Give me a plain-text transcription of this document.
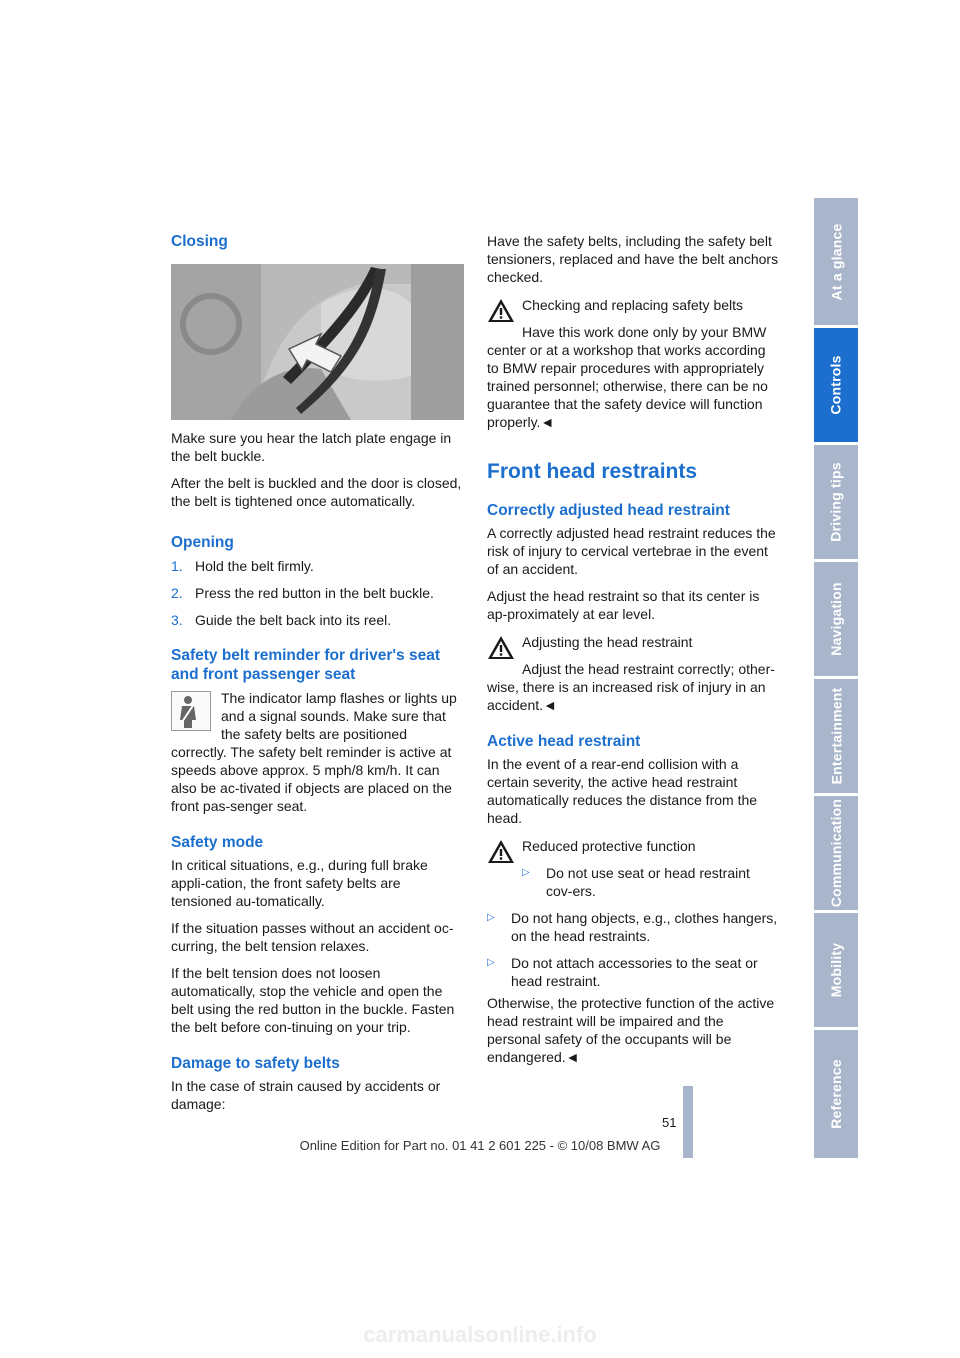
Closing

Make sure you hear the latch plate engage in the belt buckle.

After the belt is buckled and the door is closed, the belt is tightened once automatically.

Opening
1. Hold the belt firmly.
2. Press the red button in the belt buckle.
3. Guide the belt back into its reel.
Safety belt reminder for driver's seat and front passenger seat

The indicator lamp flashes or lights up and a signal sounds. Make sure that the safety belts are positioned correctly. The safety belt reminder is active at speeds above approx. 5 mph/8 km/h. It can also be ac-tivated if objects are placed on the front pas-senger seat.

Safety mode

In critical situations, e.g., during full brake appli-cation, the front safety belts are tensioned au-tomatically.

If the situation passes without an accident oc-curring, the belt tension relaxes.

If the belt tension does not loosen automatically, stop the vehicle and open the belt using the red button in the buckle. Fasten the belt before con-tinuing on your trip.

Damage to safety belts

In the case of strain caused by accidents or damage:

Have the safety belts, including the safety belt tensioners, replaced and have the belt anchors checked.

Checking and replacing safety belts

Have this work done only by your BMW center or at a workshop that works according to BMW repair procedures with appropriately trained personnel; otherwise, there can be no guarantee that the safety device will function properly.◄

Front head restraints
Correctly adjusted head restraint

A correctly adjusted head restraint reduces the risk of injury to cervical vertebrae in the event of an accident.

Adjust the head restraint so that its center is ap-proximately at ear level.

Adjusting the head restraint

Adjust the head restraint correctly; other-wise, there is an increased risk of injury in an accident.◄

Active head restraint

In the event of a rear-end collision with a certain severity, the active head restraint automatically reduces the distance from the head.

Reduced protective function

▷	Do not use seat or head restraint cov-ers.
▷	Do not hang objects, e.g., clothes hangers, on the head restraints.
▷	Do not attach accessories to the seat or head restraint.

Otherwise, the protective function of the active head restraint will be impaired and the personal safety of the occupants will be endangered.◄

At a glance
Controls
Driving tips
Navigation
Entertainment
Communication
Mobility
Reference
51
Online Edition for Part no. 01 41 2 601 225 - © 10/08 BMW AG
carmanualsonline.info
